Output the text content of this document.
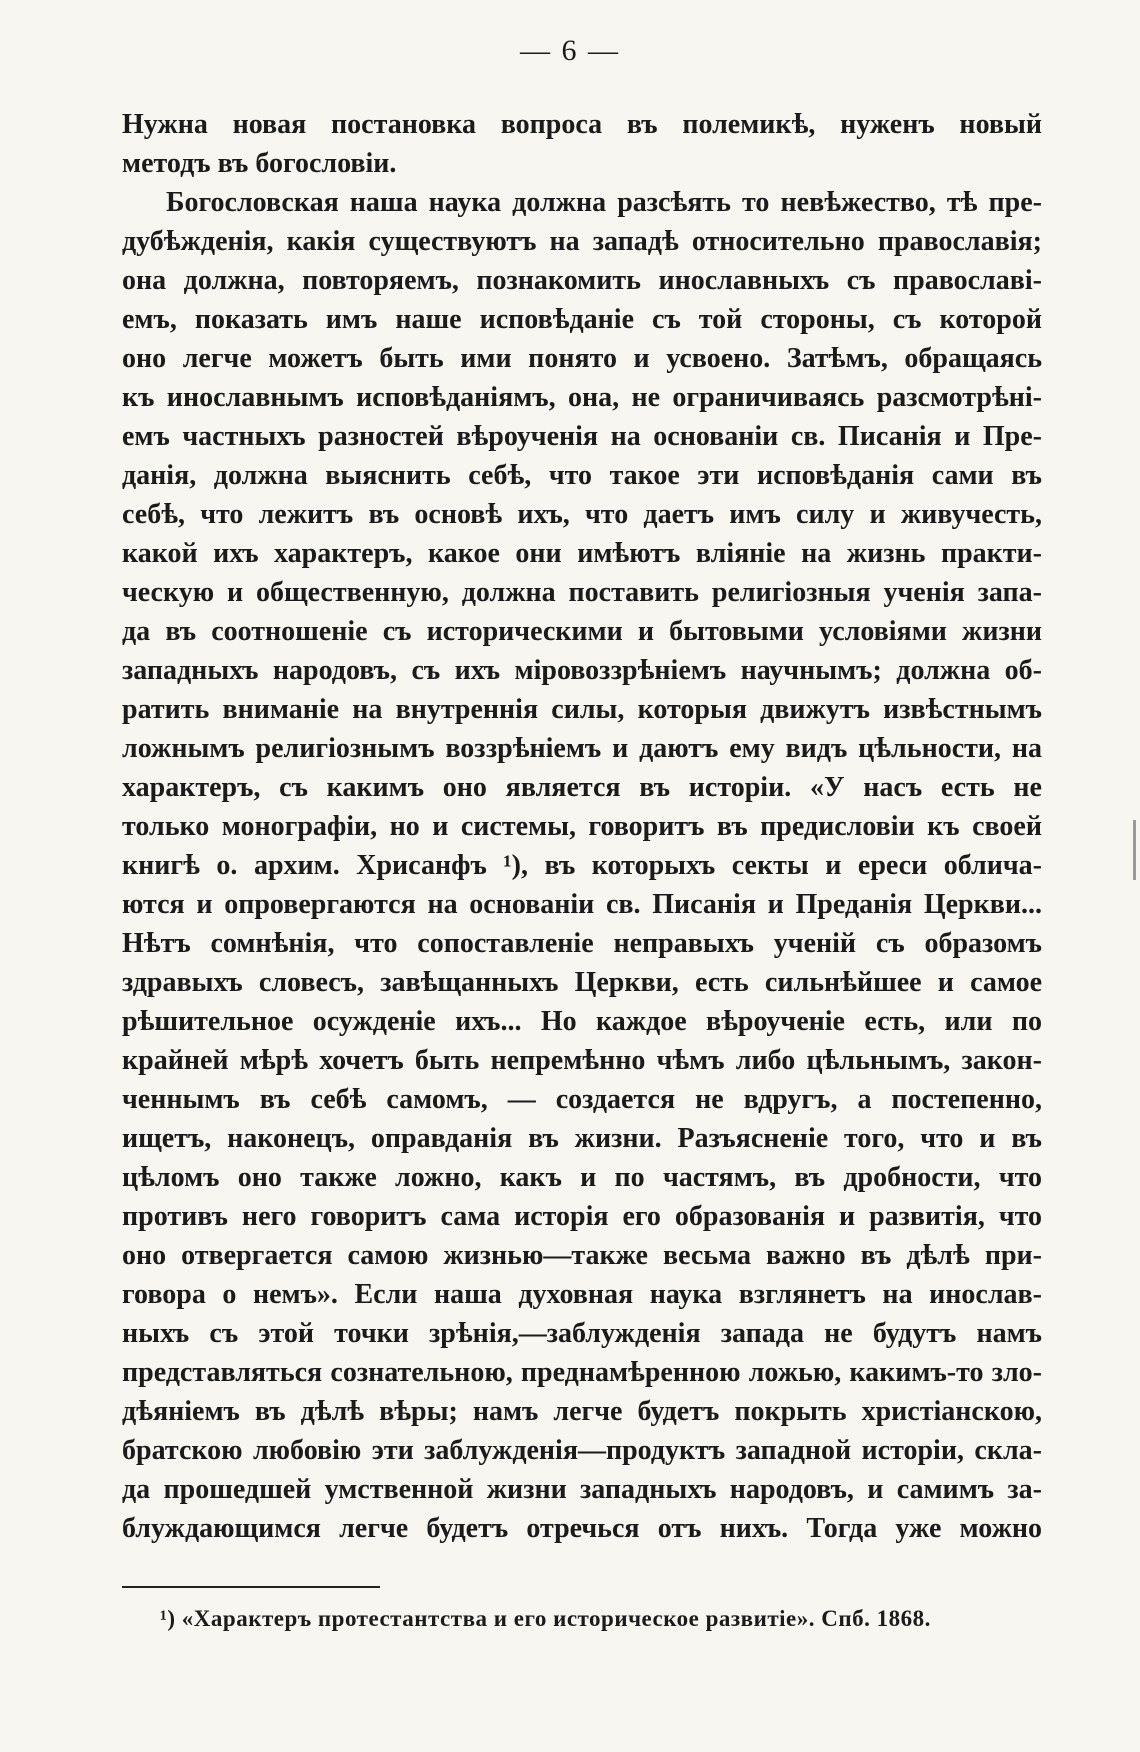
— 6 —
Нужна новая постановка вопроса въ полемикѣ, нуженъ новый
методъ въ богословіи.
Богословская наша наука должна разсѣять то невѣжество, тѣ пре-
дубѣжденія, какія существуютъ на западѣ относительно православія;
она должна, повторяемъ, познакомить инославныхъ съ православі-
емъ, показать имъ наше исповѣданіе съ той стороны, съ которой
оно легче можетъ быть ими понято и усвоено. Затѣмъ, обращаясь
къ инославнымъ исповѣданіямъ, она, не ограничиваясь разсмотрѣні-
емъ частныхъ разностей вѣроученія на основаніи св. Писанія и Пре-
данія, должна выяснить себѣ, что такое эти исповѣданія сами въ
себѣ, что лежитъ въ основѣ ихъ, что даетъ имъ силу и живучесть,
какой ихъ характеръ, какое они имѣютъ вліяніе на жизнь практи-
ческую и общественную, должна поставить религіозныя ученія запа-
да въ соотношеніе съ историческими и бытовыми условіями жизни
западныхъ народовъ, съ ихъ міровоззрѣніемъ научнымъ; должна об-
ратить вниманіе на внутреннія силы, которыя движутъ извѣстнымъ
ложнымъ религіознымъ воззрѣніемъ и даютъ ему видъ цѣльности, на
характеръ, съ какимъ оно является въ исторіи. «У насъ есть не
только монографіи, но и системы, говоритъ въ предисловіи къ своей
книгѣ о. архим. Хрисанфъ ¹), въ которыхъ секты и ереси облича-
ются и опровергаются на основаніи св. Писанія и Преданія Церкви...
Нѣтъ сомнѣнія, что сопоставленіе неправыхъ ученій съ образомъ
здравыхъ словесъ, завѣщанныхъ Церкви, есть сильнѣйшее и самое
рѣшительное осужденіе ихъ... Но каждое вѣроученіе есть, или по
крайней мѣрѣ хочетъ быть непремѣнно чѣмъ либо цѣльнымъ, закон-
ченнымъ въ себѣ самомъ, — создается не вдругъ, а постепенно,
ищетъ, наконецъ, оправданія въ жизни. Разъясненіе того, что и въ
цѣломъ оно также ложно, какъ и по частямъ, въ дробности, что
противъ него говоритъ сама исторія его образованія и развитія, что
оно отвергается самою жизнью—также весьма важно въ дѣлѣ при-
говора о немъ». Если наша духовная наука взглянетъ на инослав-
ныхъ съ этой точки зрѣнія,—заблужденія запада не будутъ намъ
представляться сознательною, преднамѣренною ложью, какимъ-то зло-
дѣяніемъ въ дѣлѣ вѣры; намъ легче будетъ покрыть христіанскою,
братскою любовію эти заблужденія—продуктъ западной исторіи, скла-
да прошедшей умственной жизни западныхъ народовъ, и самимъ за-
блуждающимся легче будетъ отречься отъ нихъ. Тогда уже можно
¹) «Характеръ протестантства и его историческое развитіе». Спб. 1868.
